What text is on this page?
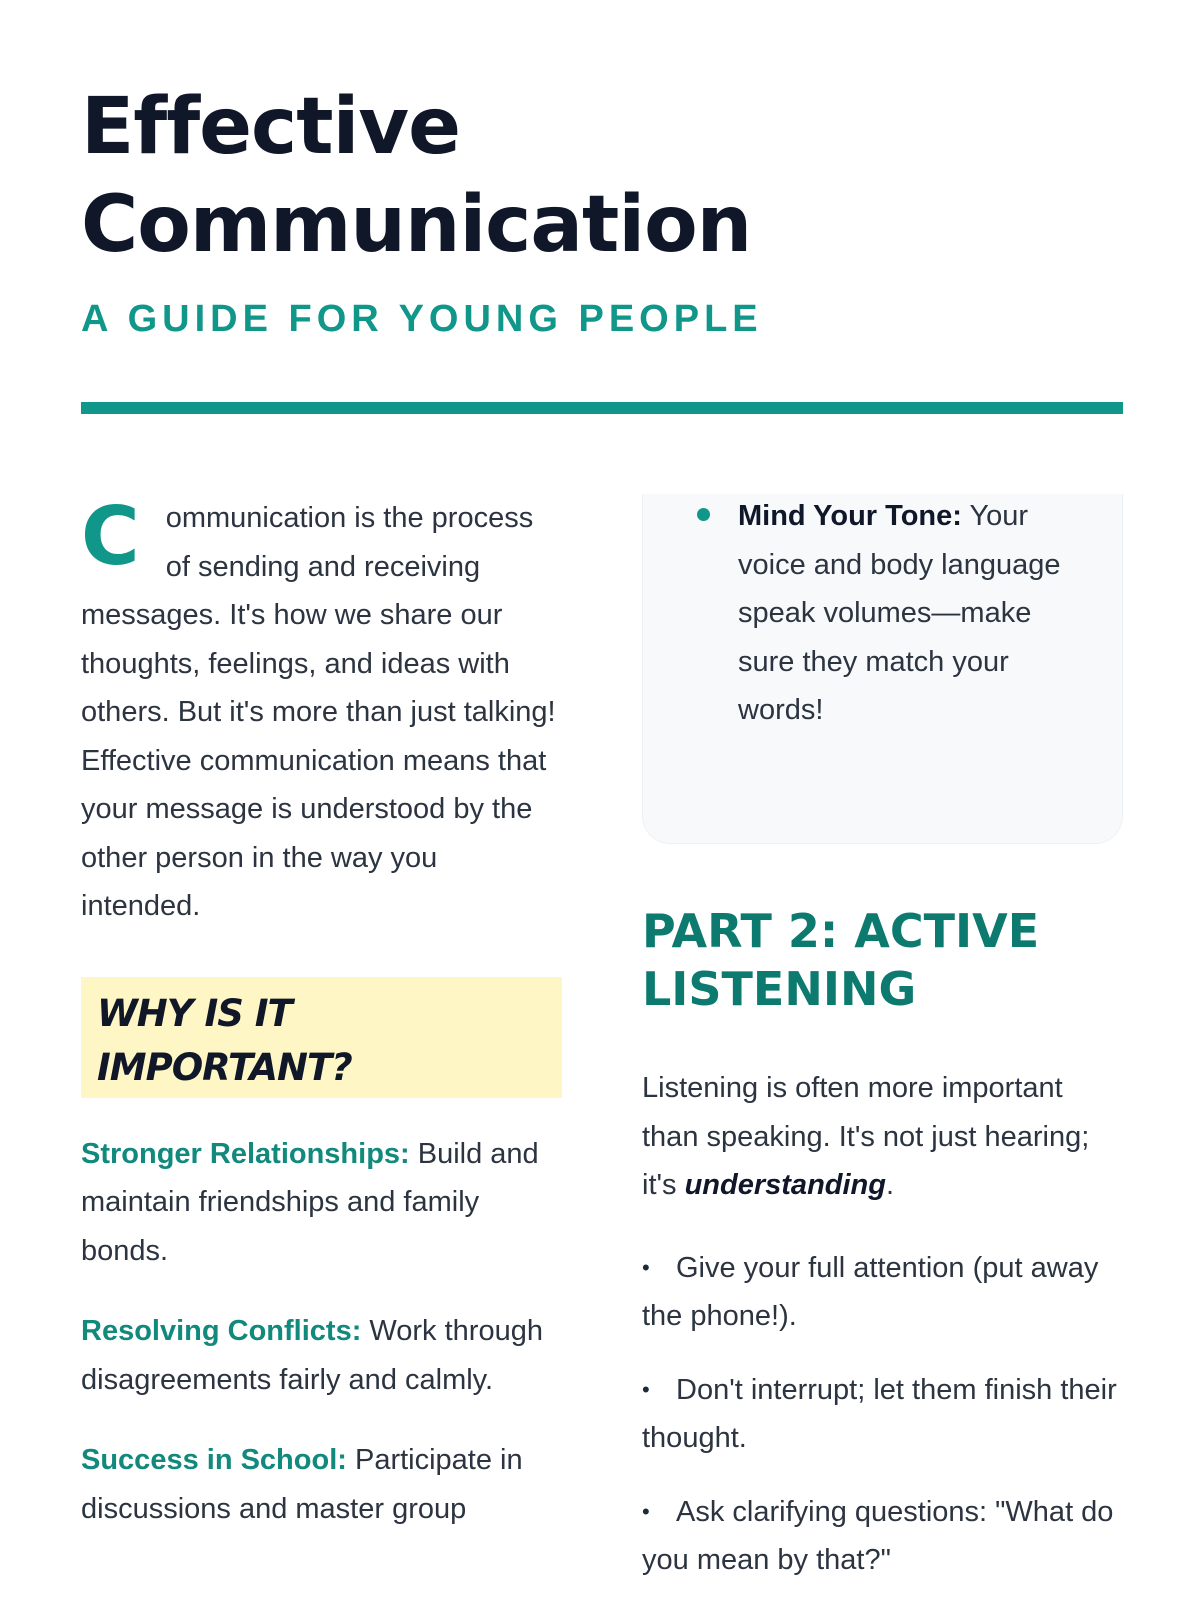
Effective
Communication
A GUIDE FOR YOUNG PEOPLE

Communication is the process of sending and receiving messages. It's how we share our thoughts, feelings, and ideas with others. But it's more than just talking! Effective communication means that your message is understood by the other person in the way you intended.

WHY IS IT
IMPORTANT?

Stronger Relationships: Build and maintain friendships and family bonds.

Resolving Conflicts: Work through disagreements fairly and calmly.

Success in School: Participate in discussions and master group

Mind Your Tone: Your voice and body language speak volumes—make sure they match your words!

PART 2: ACTIVE
LISTENING

Listening is often more important than speaking. It's not just hearing; it's understanding.

• Give your full attention (put away the phone!).
• Don't interrupt; let them finish their thought.
• Ask clarifying questions: "What do you mean by that?"
